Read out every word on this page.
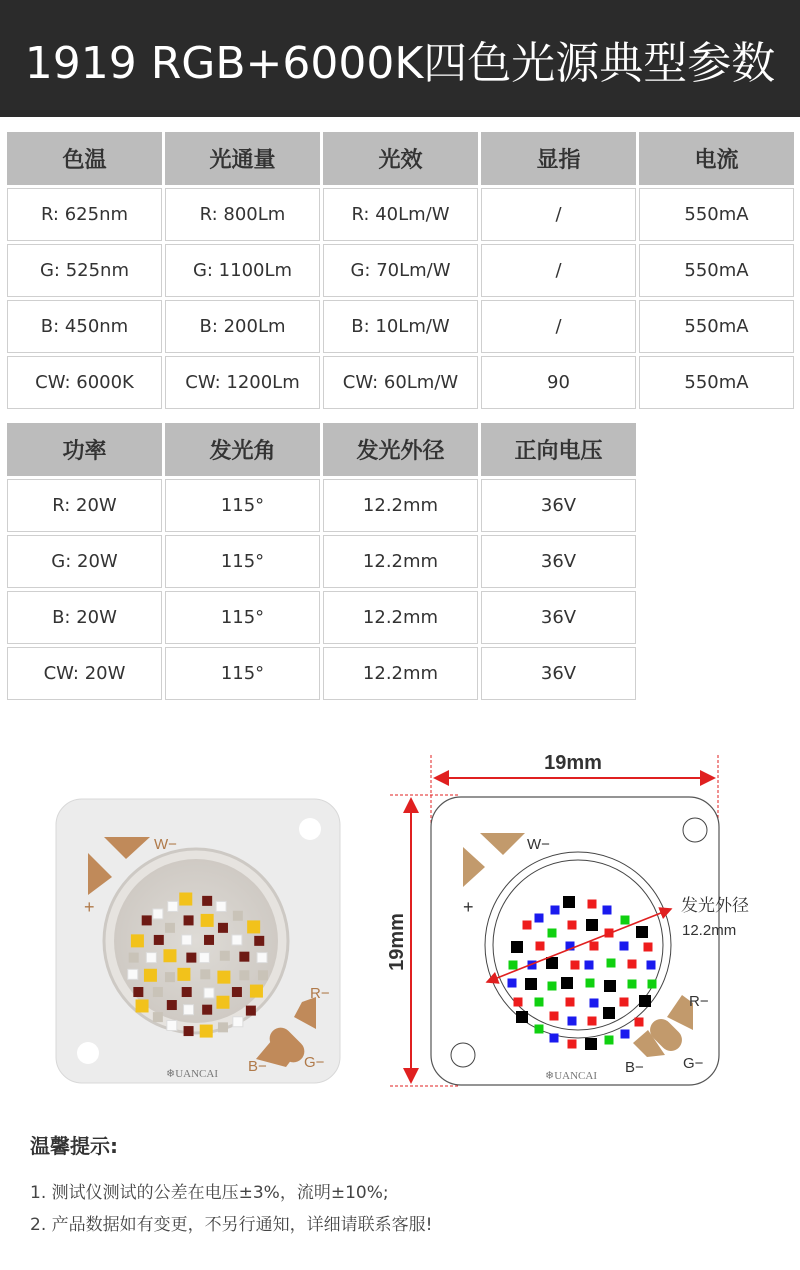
1919 RGB+6000K四色光源典型参数
色温	光通量	光效	显指	电流
R: 625nm	R: 800Lm	R: 40Lm/W	/	550mA
G: 525nm	G: 1100Lm	G: 70Lm/W	/	550mA
B: 450nm	B: 200Lm	B: 10Lm/W	/	550mA
CW: 6000K	CW: 1200Lm	CW: 60Lm/W	90	550mA
功率	发光角	发光外径	正向电压
R: 20W	115°	12.2mm	36V
G: 20W	115°	12.2mm	36V
B: 20W	115°	12.2mm	36V
CW: 20W	115°	12.2mm	36V
W−
+
R−
G−
B−
❄UANCAI
19mm
19mm
W−
+
R−
G−
B−
❄UANCAI
发光外径
12.2mm
温馨提示:
1. 测试仪测试的公差在电压±3%，流明±10%;
2. 产品数据如有变更，不另行通知，详细请联系客服!
